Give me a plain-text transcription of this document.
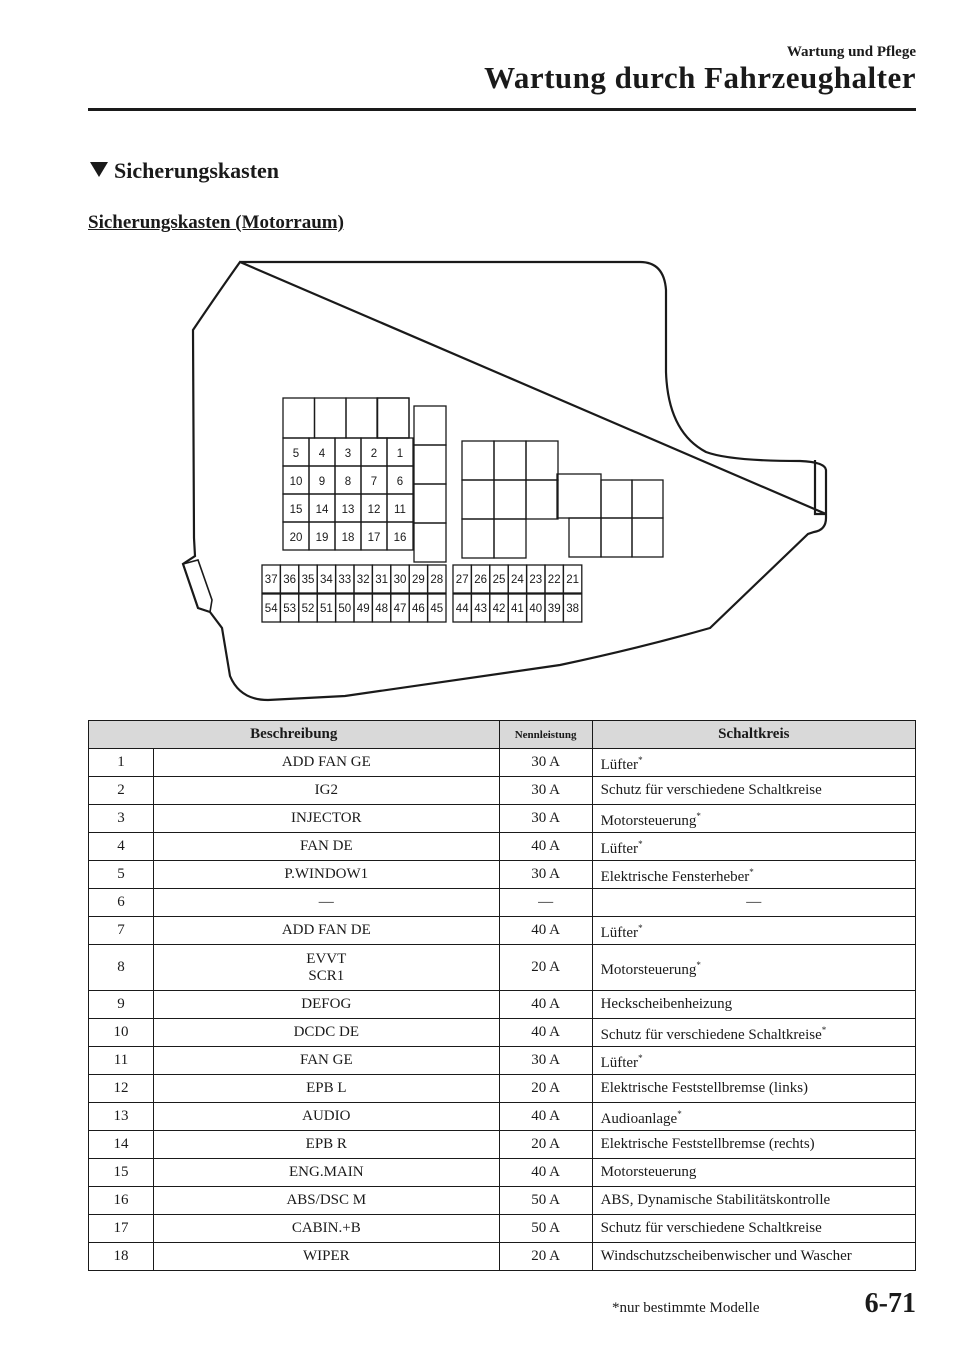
Wartung und Pflege
Wartung durch Fahrzeughalter
Sicherungskasten
Sicherungskasten (Motorraum)
5 4 3 2 1
10 9 8 7 6
15 14 13 12 11
20 19 18 17 16
37 36 35 34 33 32 31 30 29 28
54 53 52 51 50 49 48 47 46 45
27 26 25 24 23 22 21
44 43 42 41 40 39 38
Beschreibung		Nennleistung	Schaltkreis
1	ADD FAN GE	30 A	Lüfter*
2	IG2	30 A	Schutz für verschiedene Schaltkreise
3	INJECTOR	30 A	Motorsteuerung*
4	FAN DE	40 A	Lüfter*
5	P.WINDOW1	30 A	Elektrische Fensterheber*
6	—	—	—
7	ADD FAN DE	40 A	Lüfter*
8	EVVT
SCR1	20 A	Motorsteuerung*
9	DEFOG	40 A	Heckscheibenheizung
10	DCDC DE	40 A	Schutz für verschiedene Schaltkreise*
11	FAN GE	30 A	Lüfter*
12	EPB L	20 A	Elektrische Feststellbremse (links)
13	AUDIO	40 A	Audioanlage*
14	EPB R	20 A	Elektrische Feststellbremse (rechts)
15	ENG.MAIN	40 A	Motorsteuerung
16	ABS/DSC M	50 A	ABS, Dynamische Stabilitätskontrolle
17	CABIN.+B	50 A	Schutz für verschiedene Schaltkreise
18	WIPER	20 A	Windschutzscheibenwischer und Wascher
*nur bestimmte Modelle	6-71
